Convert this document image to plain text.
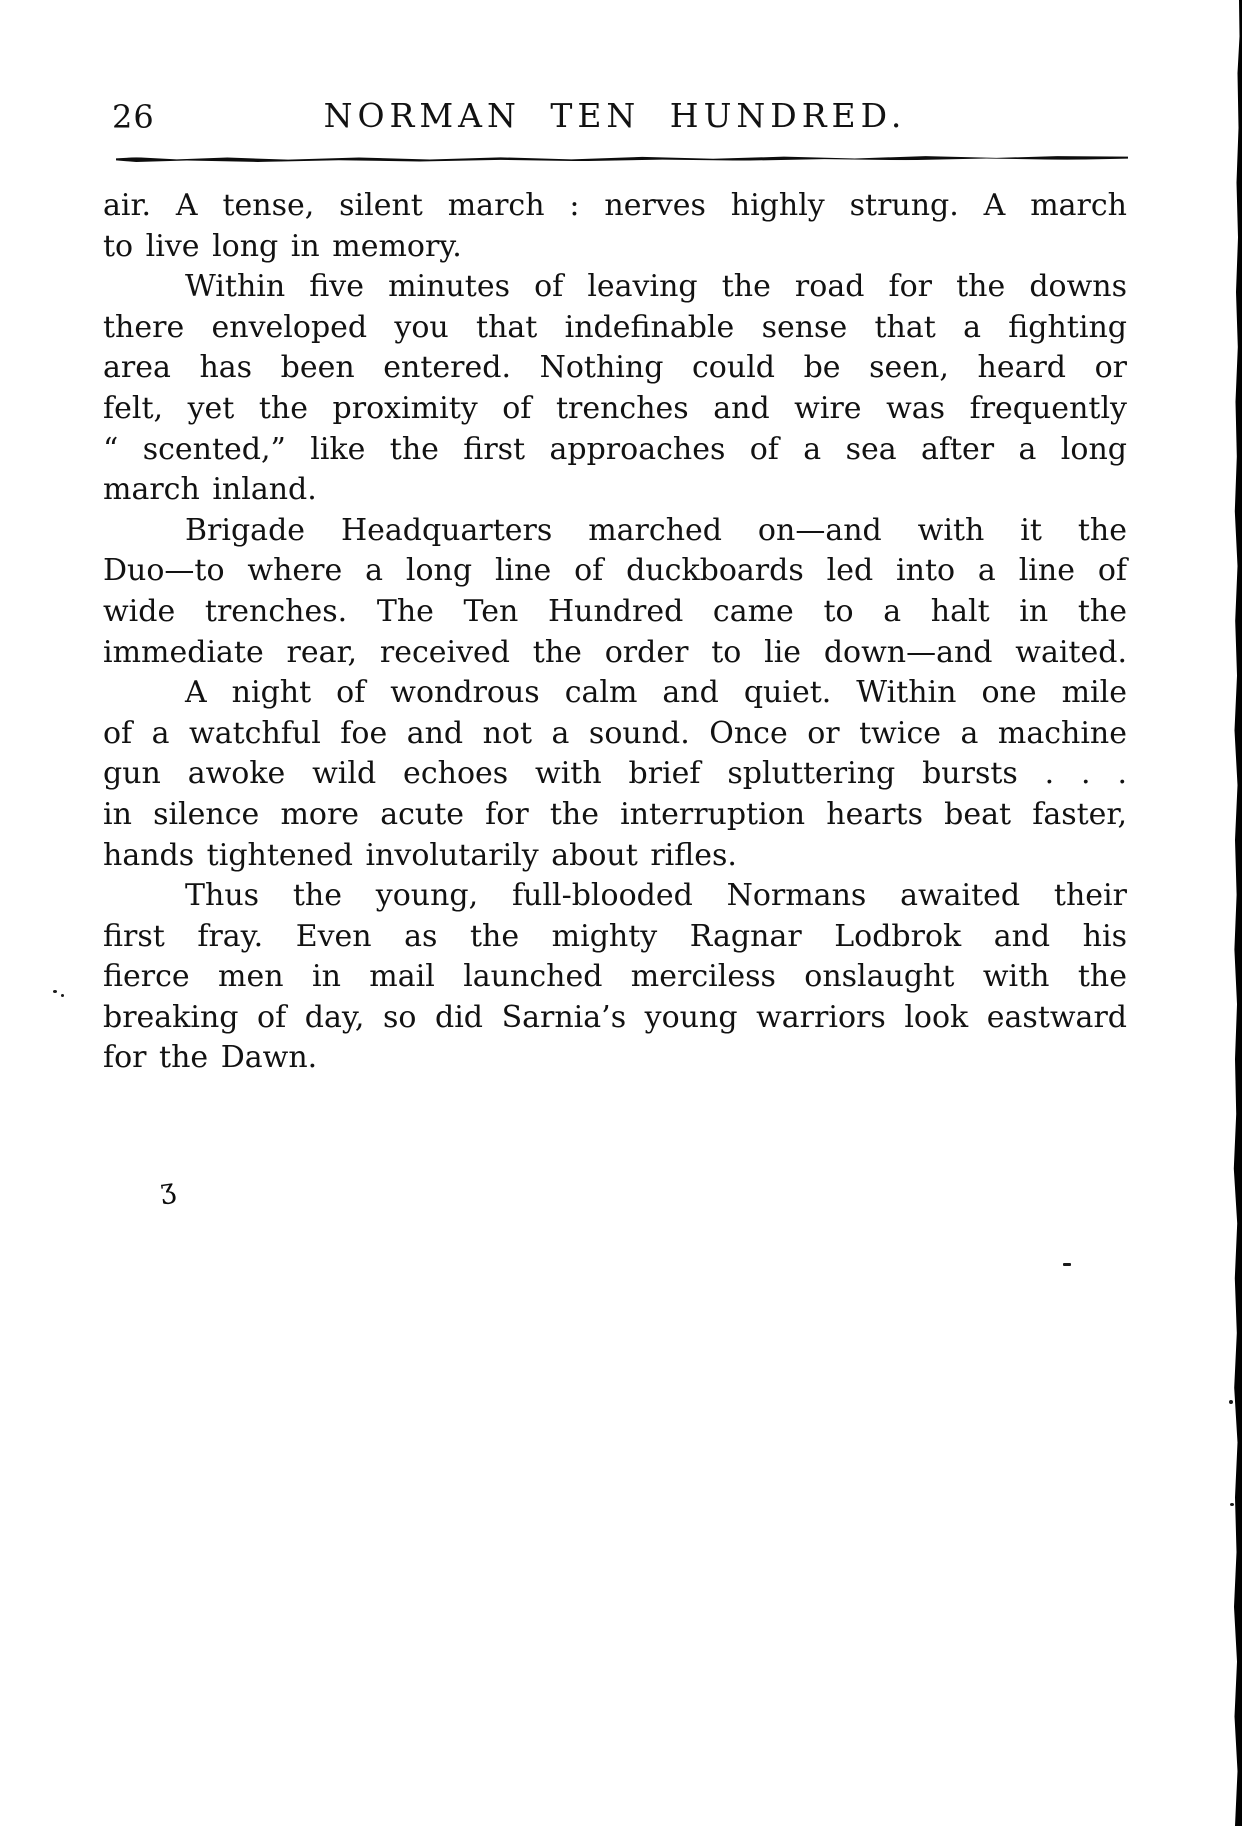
26	NORMAN TEN HUNDRED.
air. A tense, silent march : nerves highly strung. A march
to live long in memory.
Within five minutes of leaving the road for the downs
there enveloped you that indefinable sense that a fighting
area has been entered. Nothing could be seen, heard or
felt, yet the proximity of trenches and wire was frequently
“ scented,” like the first approaches of a sea after a long
march inland.
Brigade Headquarters marched on—and with it the
Duo—to where a long line of duckboards led into a line of
wide trenches. The Ten Hundred came to a halt in the
immediate rear, received the order to lie down—and waited.
A night of wondrous calm and quiet. Within one mile
of a watchful foe and not a sound. Once or twice a machine
gun awoke wild echoes with brief spluttering bursts . . .
in silence more acute for the interruption hearts beat faster,
hands tightened involutarily about rifles.
Thus the young, full-blooded Normans awaited their
first fray. Even as the mighty Ragnar Lodbrok and his
fierce men in mail launched merciless onslaught with the
breaking of day, so did Sarnia’s young warriors look eastward
for the Dawn.
ʒ
